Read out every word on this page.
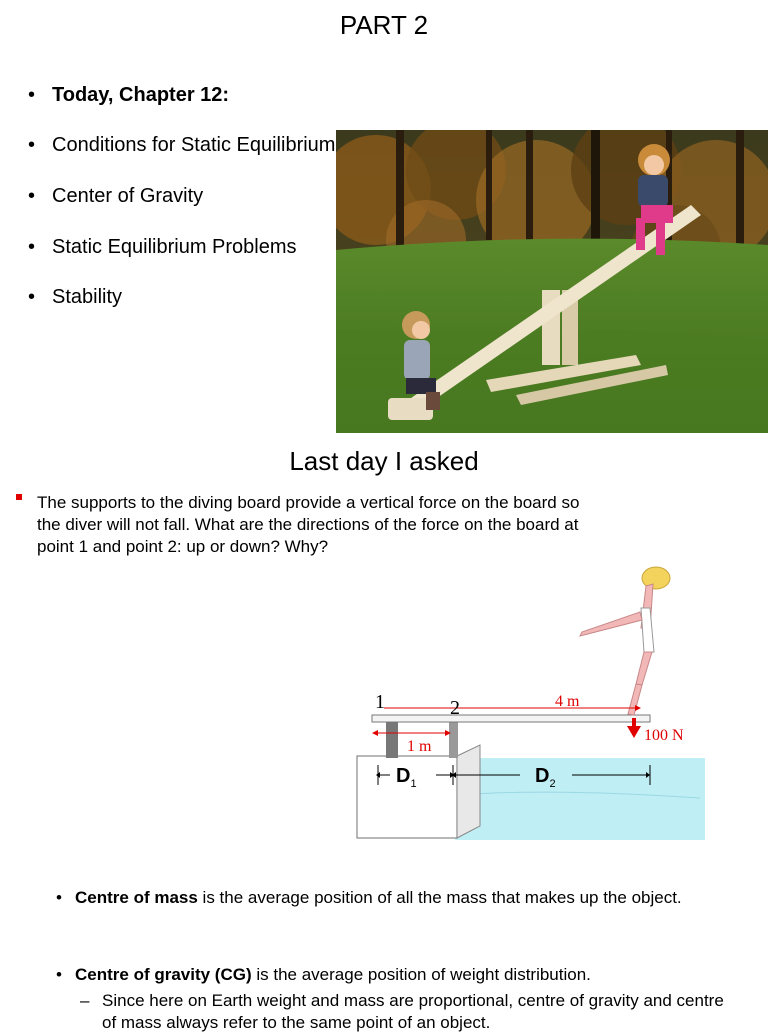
PART 2
• Today, Chapter 12:
• Conditions for Static Equilibrium
• Center of Gravity
• Static Equilibrium Problems
• Stability
Last day I asked
The supports to the diving board provide a vertical force on the board so the diver will not fall. What are the directions of the force on the board at point 1 and point 2: up or down? Why?
1	2	4 m
1 m
100 N
$D_1$	$D_2$
• Centre of mass is the average position of all the mass that makes up the object.
• Centre of gravity (CG) is the average position of weight distribution.
– Since here on Earth weight and mass are proportional, centre of gravity and centre of mass always refer to the same point of an object.
